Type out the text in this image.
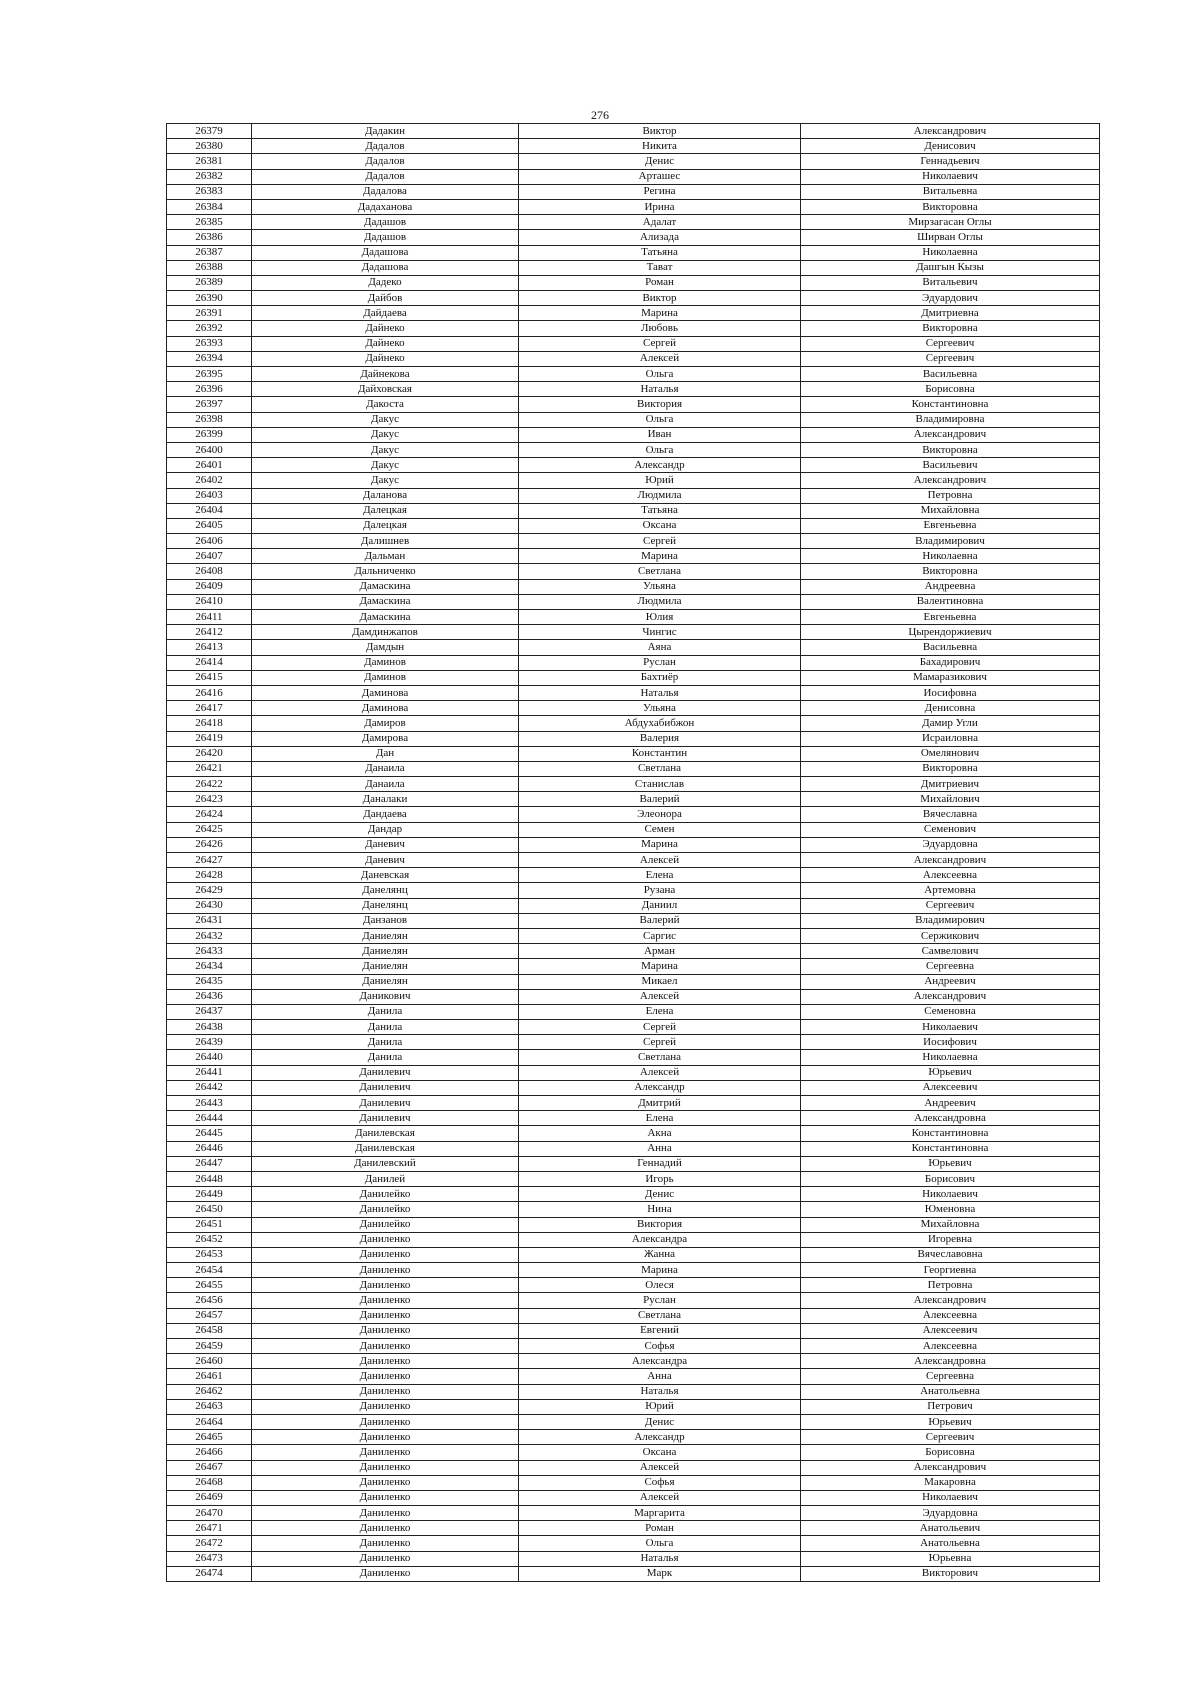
276
26379	Дадакин	Виктор	Александрович
26380	Дадалов	Никита	Денисович
26381	Дадалов	Денис	Геннадьевич
26382	Дадалов	Арташес	Николаевич
26383	Дадалова	Регина	Витальевна
26384	Дадаханова	Ирина	Викторовна
26385	Дадашов	Адалат	Мирзагасан Оглы
26386	Дадашов	Ализада	Ширван Оглы
26387	Дадашова	Татьяна	Николаевна
26388	Дадашова	Тават	Дашгын Кызы
26389	Дадеко	Роман	Витальевич
26390	Дайбов	Виктор	Эдуардович
26391	Дайдаева	Марина	Дмитриевна
26392	Дайнеко	Любовь	Викторовна
26393	Дайнеко	Сергей	Сергеевич
26394	Дайнеко	Алексей	Сергеевич
26395	Дайнекова	Ольга	Васильевна
26396	Дайховская	Наталья	Борисовна
26397	Дакоста	Виктория	Константиновна
26398	Дакус	Ольга	Владимировна
26399	Дакус	Иван	Александрович
26400	Дакус	Ольга	Викторовна
26401	Дакус	Александр	Васильевич
26402	Дакус	Юрий	Александрович
26403	Даланова	Людмила	Петровна
26404	Далецкая	Татьяна	Михайловна
26405	Далецкая	Оксана	Евгеньевна
26406	Далишнев	Сергей	Владимирович
26407	Дальман	Марина	Николаевна
26408	Дальниченко	Светлана	Викторовна
26409	Дамаскина	Ульяна	Андреевна
26410	Дамаскина	Людмила	Валентиновна
26411	Дамаскина	Юлия	Евгеньевна
26412	Дамдинжапов	Чингис	Цырендоржиевич
26413	Дамдын	Аяна	Васильевна
26414	Даминов	Руслан	Бахадирович
26415	Даминов	Бахтиёр	Мамаразикович
26416	Даминова	Наталья	Иосифовна
26417	Даминова	Ульяна	Денисовна
26418	Дамиров	Абдухабибжон	Дамир Угли
26419	Дамирова	Валерия	Исраиловна
26420	Дан	Константин	Омелянович
26421	Данаила	Светлана	Викторовна
26422	Данаила	Станислав	Дмитриевич
26423	Даналаки	Валерий	Михайлович
26424	Дандаева	Элеонора	Вячеславна
26425	Дандар	Семен	Семенович
26426	Даневич	Марина	Эдуардовна
26427	Даневич	Алексей	Александрович
26428	Даневская	Елена	Алексеевна
26429	Данелянц	Рузана	Артемовна
26430	Данелянц	Даниил	Сергеевич
26431	Данзанов	Валерий	Владимирович
26432	Даниелян	Саргис	Сержикович
26433	Даниелян	Арман	Самвелович
26434	Даниелян	Марина	Сергеевна
26435	Даниелян	Микаел	Андреевич
26436	Даникович	Алексей	Александрович
26437	Данила	Елена	Семеновна
26438	Данила	Сергей	Николаевич
26439	Данила	Сергей	Иосифович
26440	Данила	Светлана	Николаевна
26441	Данилевич	Алексей	Юрьевич
26442	Данилевич	Александр	Алексеевич
26443	Данилевич	Дмитрий	Андреевич
26444	Данилевич	Елена	Александровна
26445	Данилевская	Акна	Константиновна
26446	Данилевская	Анна	Константиновна
26447	Данилевский	Геннадий	Юрьевич
26448	Данилей	Игорь	Борисович
26449	Данилейко	Денис	Николаевич
26450	Данилейко	Нина	Юменовна
26451	Данилейко	Виктория	Михайловна
26452	Даниленко	Александра	Игоревна
26453	Даниленко	Жанна	Вячеславовна
26454	Даниленко	Марина	Георгиевна
26455	Даниленко	Олеся	Петровна
26456	Даниленко	Руслан	Александрович
26457	Даниленко	Светлана	Алексеевна
26458	Даниленко	Евгений	Алексеевич
26459	Даниленко	Софья	Алексеевна
26460	Даниленко	Александра	Александровна
26461	Даниленко	Анна	Сергеевна
26462	Даниленко	Наталья	Анатольевна
26463	Даниленко	Юрий	Петрович
26464	Даниленко	Денис	Юрьевич
26465	Даниленко	Александр	Сергеевич
26466	Даниленко	Оксана	Борисовна
26467	Даниленко	Алексей	Александрович
26468	Даниленко	Софья	Макаровна
26469	Даниленко	Алексей	Николаевич
26470	Даниленко	Маргарита	Эдуардовна
26471	Даниленко	Роман	Анатольевич
26472	Даниленко	Ольга	Анатольевна
26473	Даниленко	Наталья	Юрьевна
26474	Даниленко	Марк	Викторович
